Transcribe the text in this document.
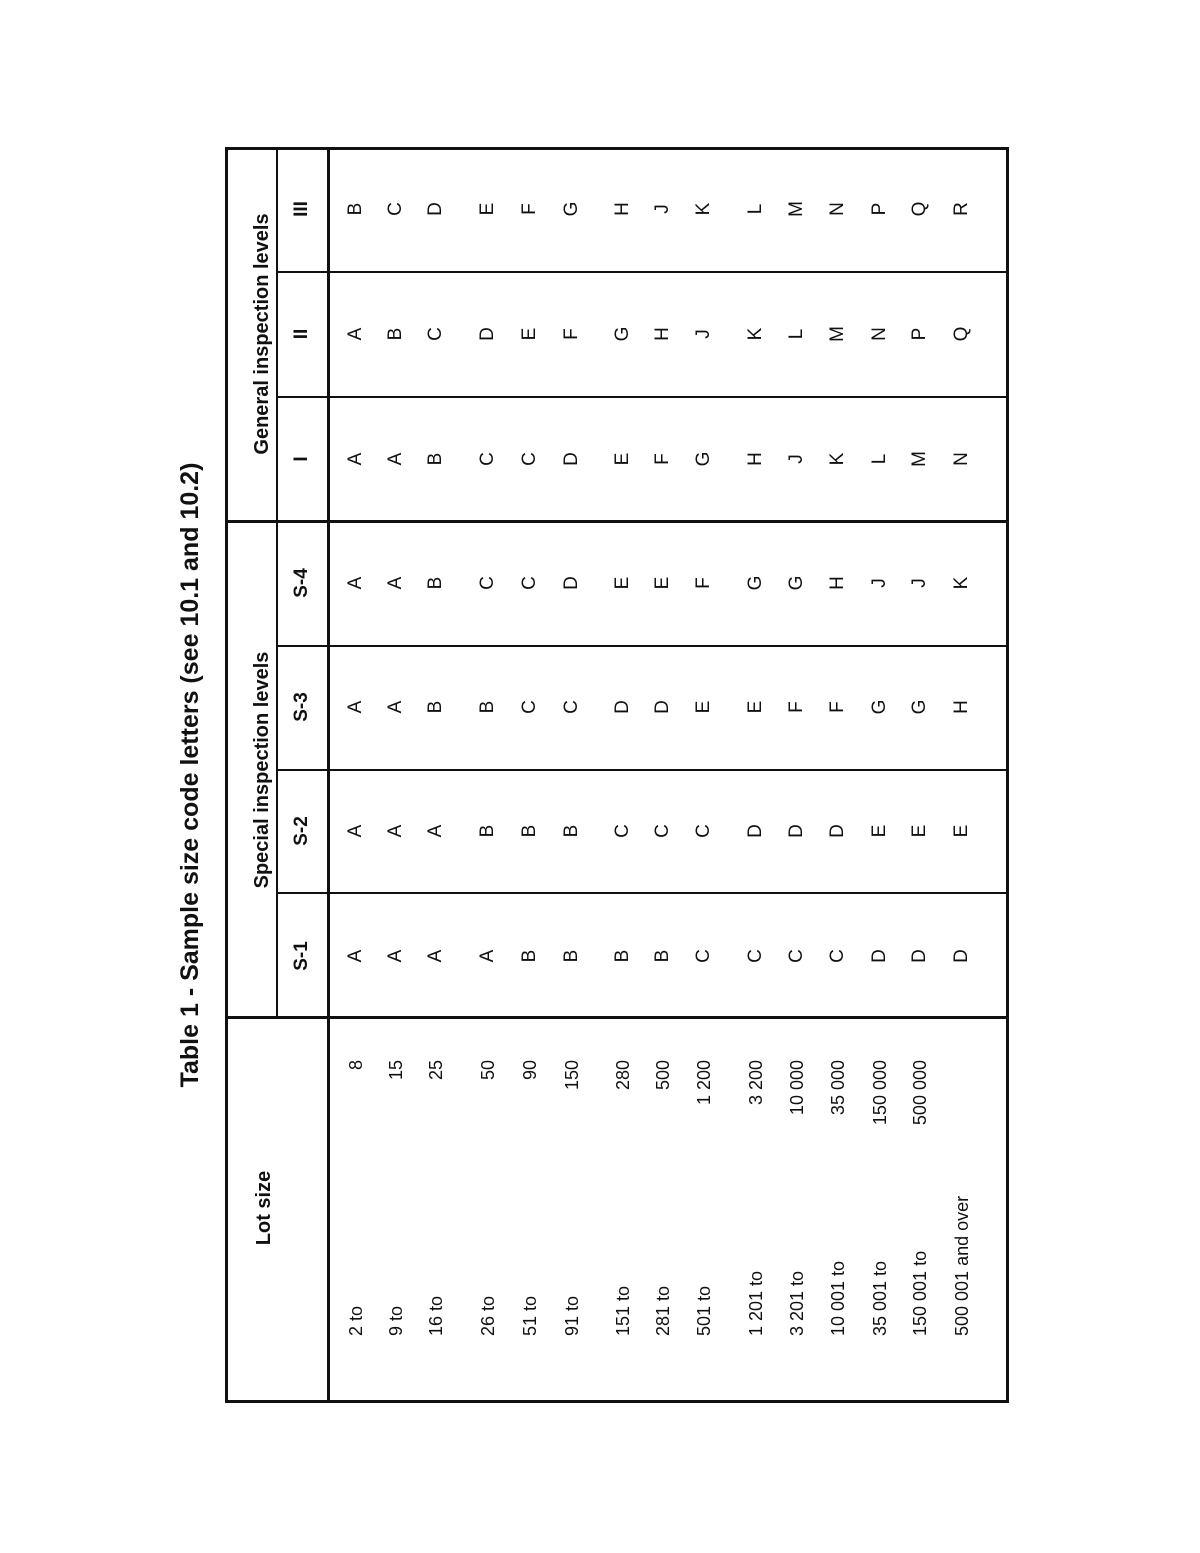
Table 1 - Sample size code letters (see 10.1 and 10.2)
Lot size
Special inspection levels
General inspection levels
S-1
S-2
S-3
S-4
I
II
III
2 to
8
A
A
A
A
A
A
B
9 to
15
A
A
A
A
A
B
C
16 to
25
A
A
B
B
B
C
D
26 to
50
A
B
B
C
C
D
E
51 to
90
B
B
C
C
C
E
F
91 to
150
B
B
C
D
D
F
G
151 to
280
B
C
D
E
E
G
H
281 to
500
B
C
D
E
F
H
J
501 to
1 200
C
C
E
F
G
J
K
1 201 to
3 200
C
D
E
G
H
K
L
3 201 to
10 000
C
D
F
G
J
L
M
10 001 to
35 000
C
D
F
H
K
M
N
35 001 to
150 000
D
E
G
J
L
N
P
150 001 to
500 000
D
E
G
J
M
P
Q
500 001 and over
D
E
H
K
N
Q
R
